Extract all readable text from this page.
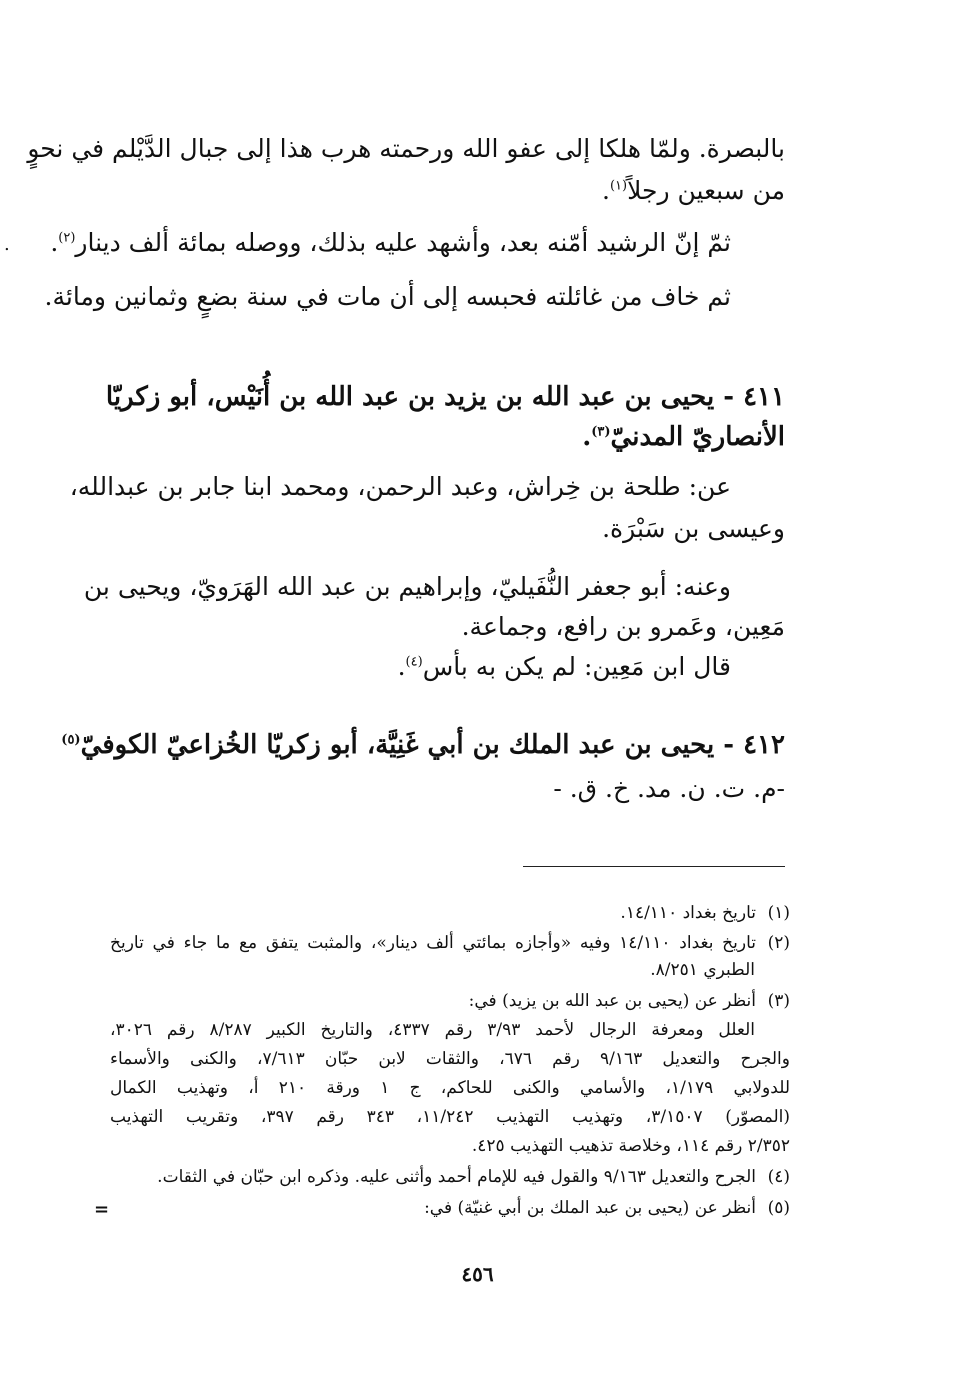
بالبصرة. ولمّا هلكا إلى عفو الله ورحمته هرب هذا إلى جبال الدَّيْلم في نحوٍ
من سبعين رجلاً$^{(١)}$.
ثمّ إنّ الرشيد أمّنه بعد، وأشهد عليه بذلك، ووصله بمائة ألف دينار$^{(٢)}$.
ثم خاف من غائلته فحبسه إلى أن مات في سنة بضعٍ وثمانين ومائة.
٤١١ - يحيى بن عبد الله بن يزيد بن عبد الله بن أُنَيْس، أبو زكريّا
الأنصاريّ المدنيّ$^{(٣)}$.
عن: طلحة بن خِراش، وعبد الرحمن، ومحمد ابنا جابر بن عبدالله،
وعيسى بن سَبْرَة.
وعنه: أبو جعفر النُّفَيليّ، وإبراهيم بن عبد الله الهَرَويّ، ويحيى بن
مَعِين، وعَمرو بن رافع، وجماعة.
قال ابن مَعِين: لم يكن به بأس$^{(٤)}$.
٤١٢ - يحيى بن عبد الملك بن أبي غَنِيَّة، أبو زكريّا الخُزاعيّ الكوفيّ$^{(٥)}$
-م. ت. ن. مد. خ. ق. -
(١)تاريخ بغداد ١٤/١١٠.
(٢)تاريخ بغداد ١٤/١١٠ وفيه «وأجازه بمائتي ألف دينار»، والمثبت يتفق مع ما جاء في تاريخ
الطبري ٨/٢٥١.
(٣)أنظر عن (يحيى بن عبد الله بن يزيد) في:
العلل ومعرفة الرجال لأحمد ٣/٩٣ رقم ٤٣٣٧، والتاريخ الكبير ٨/٢٨٧ رقم ٣٠٢٦،
والجرح والتعديل ٩/١٦٣ رقم ٦٧٦، والثقات لابن حبّان ٧/٦١٣، والكنى والأسماء
للدولابي ١/١٧٩، والأسامي والكنى للحاكم، ج ١ ورقة ٢١٠ أ، وتهذيب الكمال
(المصوّر) ٣/١٥٠٧، وتهذيب التهذيب ١١/٢٤٢، ٣٤٣ رقم ٣٩٧، وتقريب التهذيب
٢/٣٥٢ رقم ١١٤، وخلاصة تذهيب التهذيب ٤٢٥.
(٤)الجرح والتعديل ٩/١٦٣ والقول فيه للإمام أحمد وأثنى عليه. وذكره ابن حبّان في الثقات.
(٥)أنظر عن (يحيى بن عبد الملك بن أبي غنيّة) في:
.
=
٤٥٦
